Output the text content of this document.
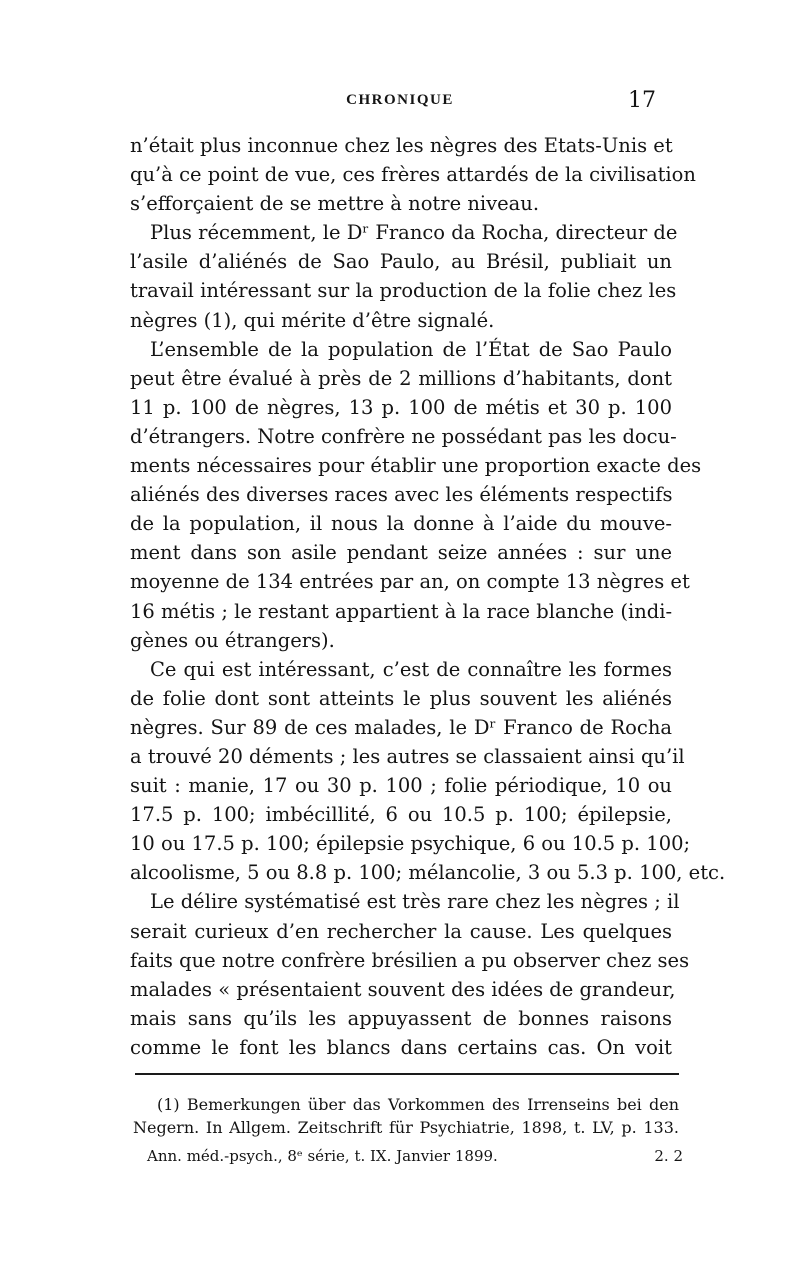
CHRONIQUE	17
n’était plus inconnue chez les nègres des Etats-Unis et
qu’à ce point de vue, ces frères attardés de la civilisation
s’efforçaient de se mettre à notre niveau.
Plus récemment, le Dʳ Franco da Rocha, directeur de
l’asile d’aliénés de Sao Paulo, au Brésil, publiait un
travail intéressant sur la production de la folie chez les
nègres (1), qui mérite d’être signalé.
L’ensemble de la population de l’État de Sao Paulo
peut être évalué à près de 2 millions d’habitants, dont
11 p. 100 de nègres, 13 p. 100 de métis et 30 p. 100
d’étrangers. Notre confrère ne possédant pas les docu-
ments nécessaires pour établir une proportion exacte des
aliénés des diverses races avec les éléments respectifs
de la population, il nous la donne à l’aide du mouve-
ment dans son asile pendant seize années : sur une
moyenne de 134 entrées par an, on compte 13 nègres et
16 métis ; le restant appartient à la race blanche (indi-
gènes ou étrangers).
Ce qui est intéressant, c’est de connaître les formes
de folie dont sont atteints le plus souvent les aliénés
nègres. Sur 89 de ces malades, le Dʳ Franco de Rocha
a trouvé 20 déments ; les autres se classaient ainsi qu’il
suit : manie, 17 ou 30 p. 100 ; folie périodique, 10 ou
17.5 p. 100; imbécillité, 6 ou 10.5 p. 100; épilepsie,
10 ou 17.5 p. 100; épilepsie psychique, 6 ou 10.5 p. 100;
alcoolisme, 5 ou 8.8 p. 100; mélancolie, 3 ou 5.3 p. 100, etc.
Le délire systématisé est très rare chez les nègres ; il
serait curieux d’en rechercher la cause. Les quelques
faits que notre confrère brésilien a pu observer chez ses
malades « présentaient souvent des idées de grandeur,
mais sans qu’ils les appuyassent de bonnes raisons
comme le font les blancs dans certains cas. On voit
(1) Bemerkungen über das Vorkommen des Irrenseins bei den
Negern. In Allgem. Zeitschrift für Psychiatrie, 1898, t. LV, p. 133.
Ann. méd.-psych., 8ᵉ série, t. IX. Janvier 1899.	2. 2
